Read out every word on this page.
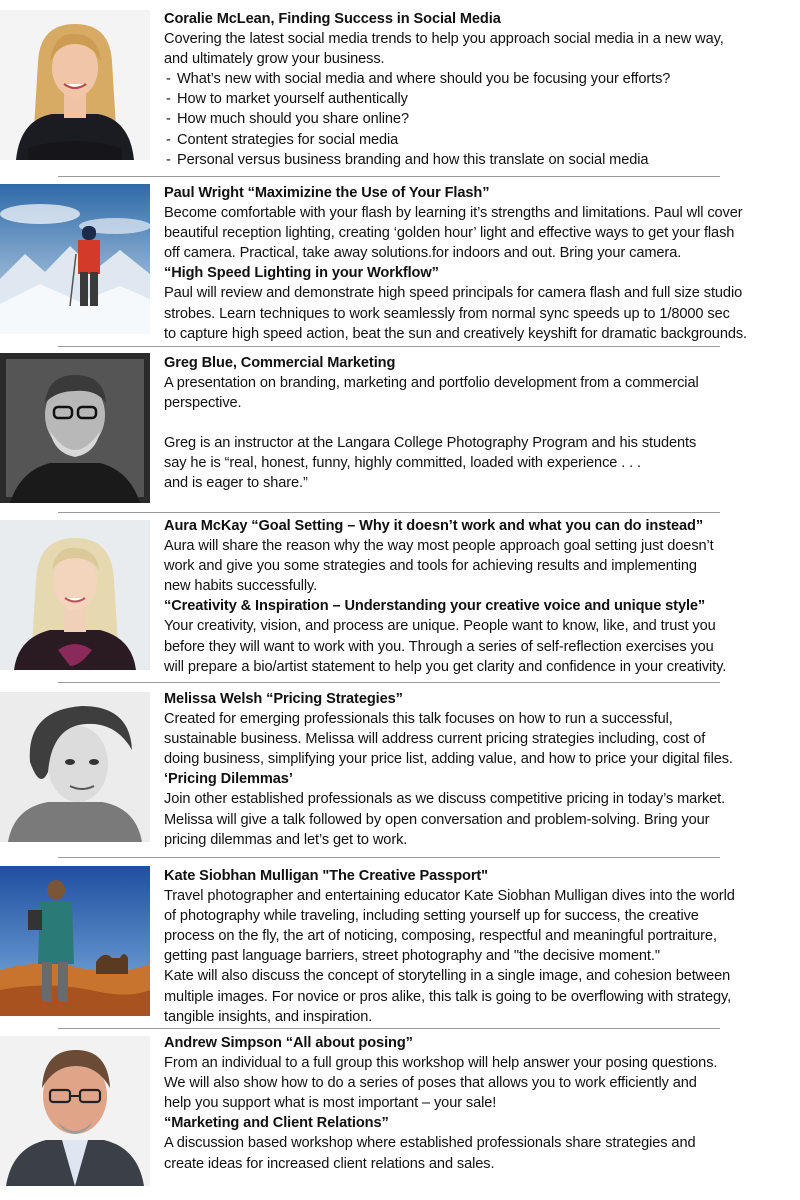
Coralie McLean, Finding Success in Social Media
Covering the latest social media trends to help you approach social media in a new way,
and ultimately grow your business.
- What’s new with social media and where should you be focusing your efforts?
- How to market yourself authentically
- How much should you share online?
- Content strategies for social media
- Personal versus business branding and how this translate on social media
Paul Wright “Maximizine the Use of Your Flash”
Become comfortable with your flash by learning it’s strengths and limitations. Paul wll cover
beautiful reception lighting, creating ‘golden hour’ light and effective ways to get your flash
off camera. Practical, take away solutions.for indoors and out. Bring your camera.
“High Speed Lighting in your Workflow”
Paul will review and demonstrate high speed principals for camera flash and full size studio
strobes. Learn techniques to work seamlessly from normal sync speeds up to 1/8000 sec
to capture high speed action, beat the sun and creatively keyshift for dramatic backgrounds.
Greg Blue, Commercial Marketing
A presentation on branding, marketing and portfolio development from a commercial
perspective.
Greg is an instructor at the Langara College Photography Program and his students
say he is “real, honest, funny, highly committed, loaded with experience . . .
and is eager to share.”
Aura McKay “Goal Setting – Why it doesn’t work and what you can do instead”
Aura will share the reason why the way most people approach goal setting just doesn’t
work and give you some strategies and tools for achieving results and implementing
new habits successfully.
“Creativity & Inspiration – Understanding your creative voice and unique style”
Your creativity, vision, and process are unique. People want to know, like, and trust you
before they will want to work with you. Through a series of self-reflection exercises you
will prepare a bio/artist statement to help you get clarity and confidence in your creativity.
Melissa Welsh “Pricing Strategies”
Created for emerging professionals this talk focuses on how to run a successful,
sustainable business. Melissa will address current pricing strategies including, cost of
doing business, simplifying your price list, adding value, and how to price your digital files.
‘Pricing Dilemmas’
Join other established professionals as we discuss competitive pricing in today’s market.
Melissa will give a talk followed by open conversation and problem-solving. Bring your
pricing dilemmas and let’s get to work.
Kate Siobhan Mulligan "The Creative Passport"
Travel photographer and entertaining educator Kate Siobhan Mulligan dives into the world
of photography while traveling, including setting yourself up for success, the creative
process on the fly, the art of noticing, composing, respectful and meaningful portraiture,
getting past language barriers, street photography and "the decisive moment."
Kate will also discuss the concept of storytelling in a single image, and cohesion between
multiple images. For novice or pros alike, this talk is going to be overflowing with strategy,
tangible insights, and inspiration.
Andrew Simpson “All about posing”
From an individual to a full group this workshop will help answer your posing questions.
We will also show how to do a series of poses that allows you to work efficiently and
help you support what is most important – your sale!
“Marketing and Client Relations”
A discussion based workshop where established professionals share strategies and
create ideas for increased client relations and sales.
